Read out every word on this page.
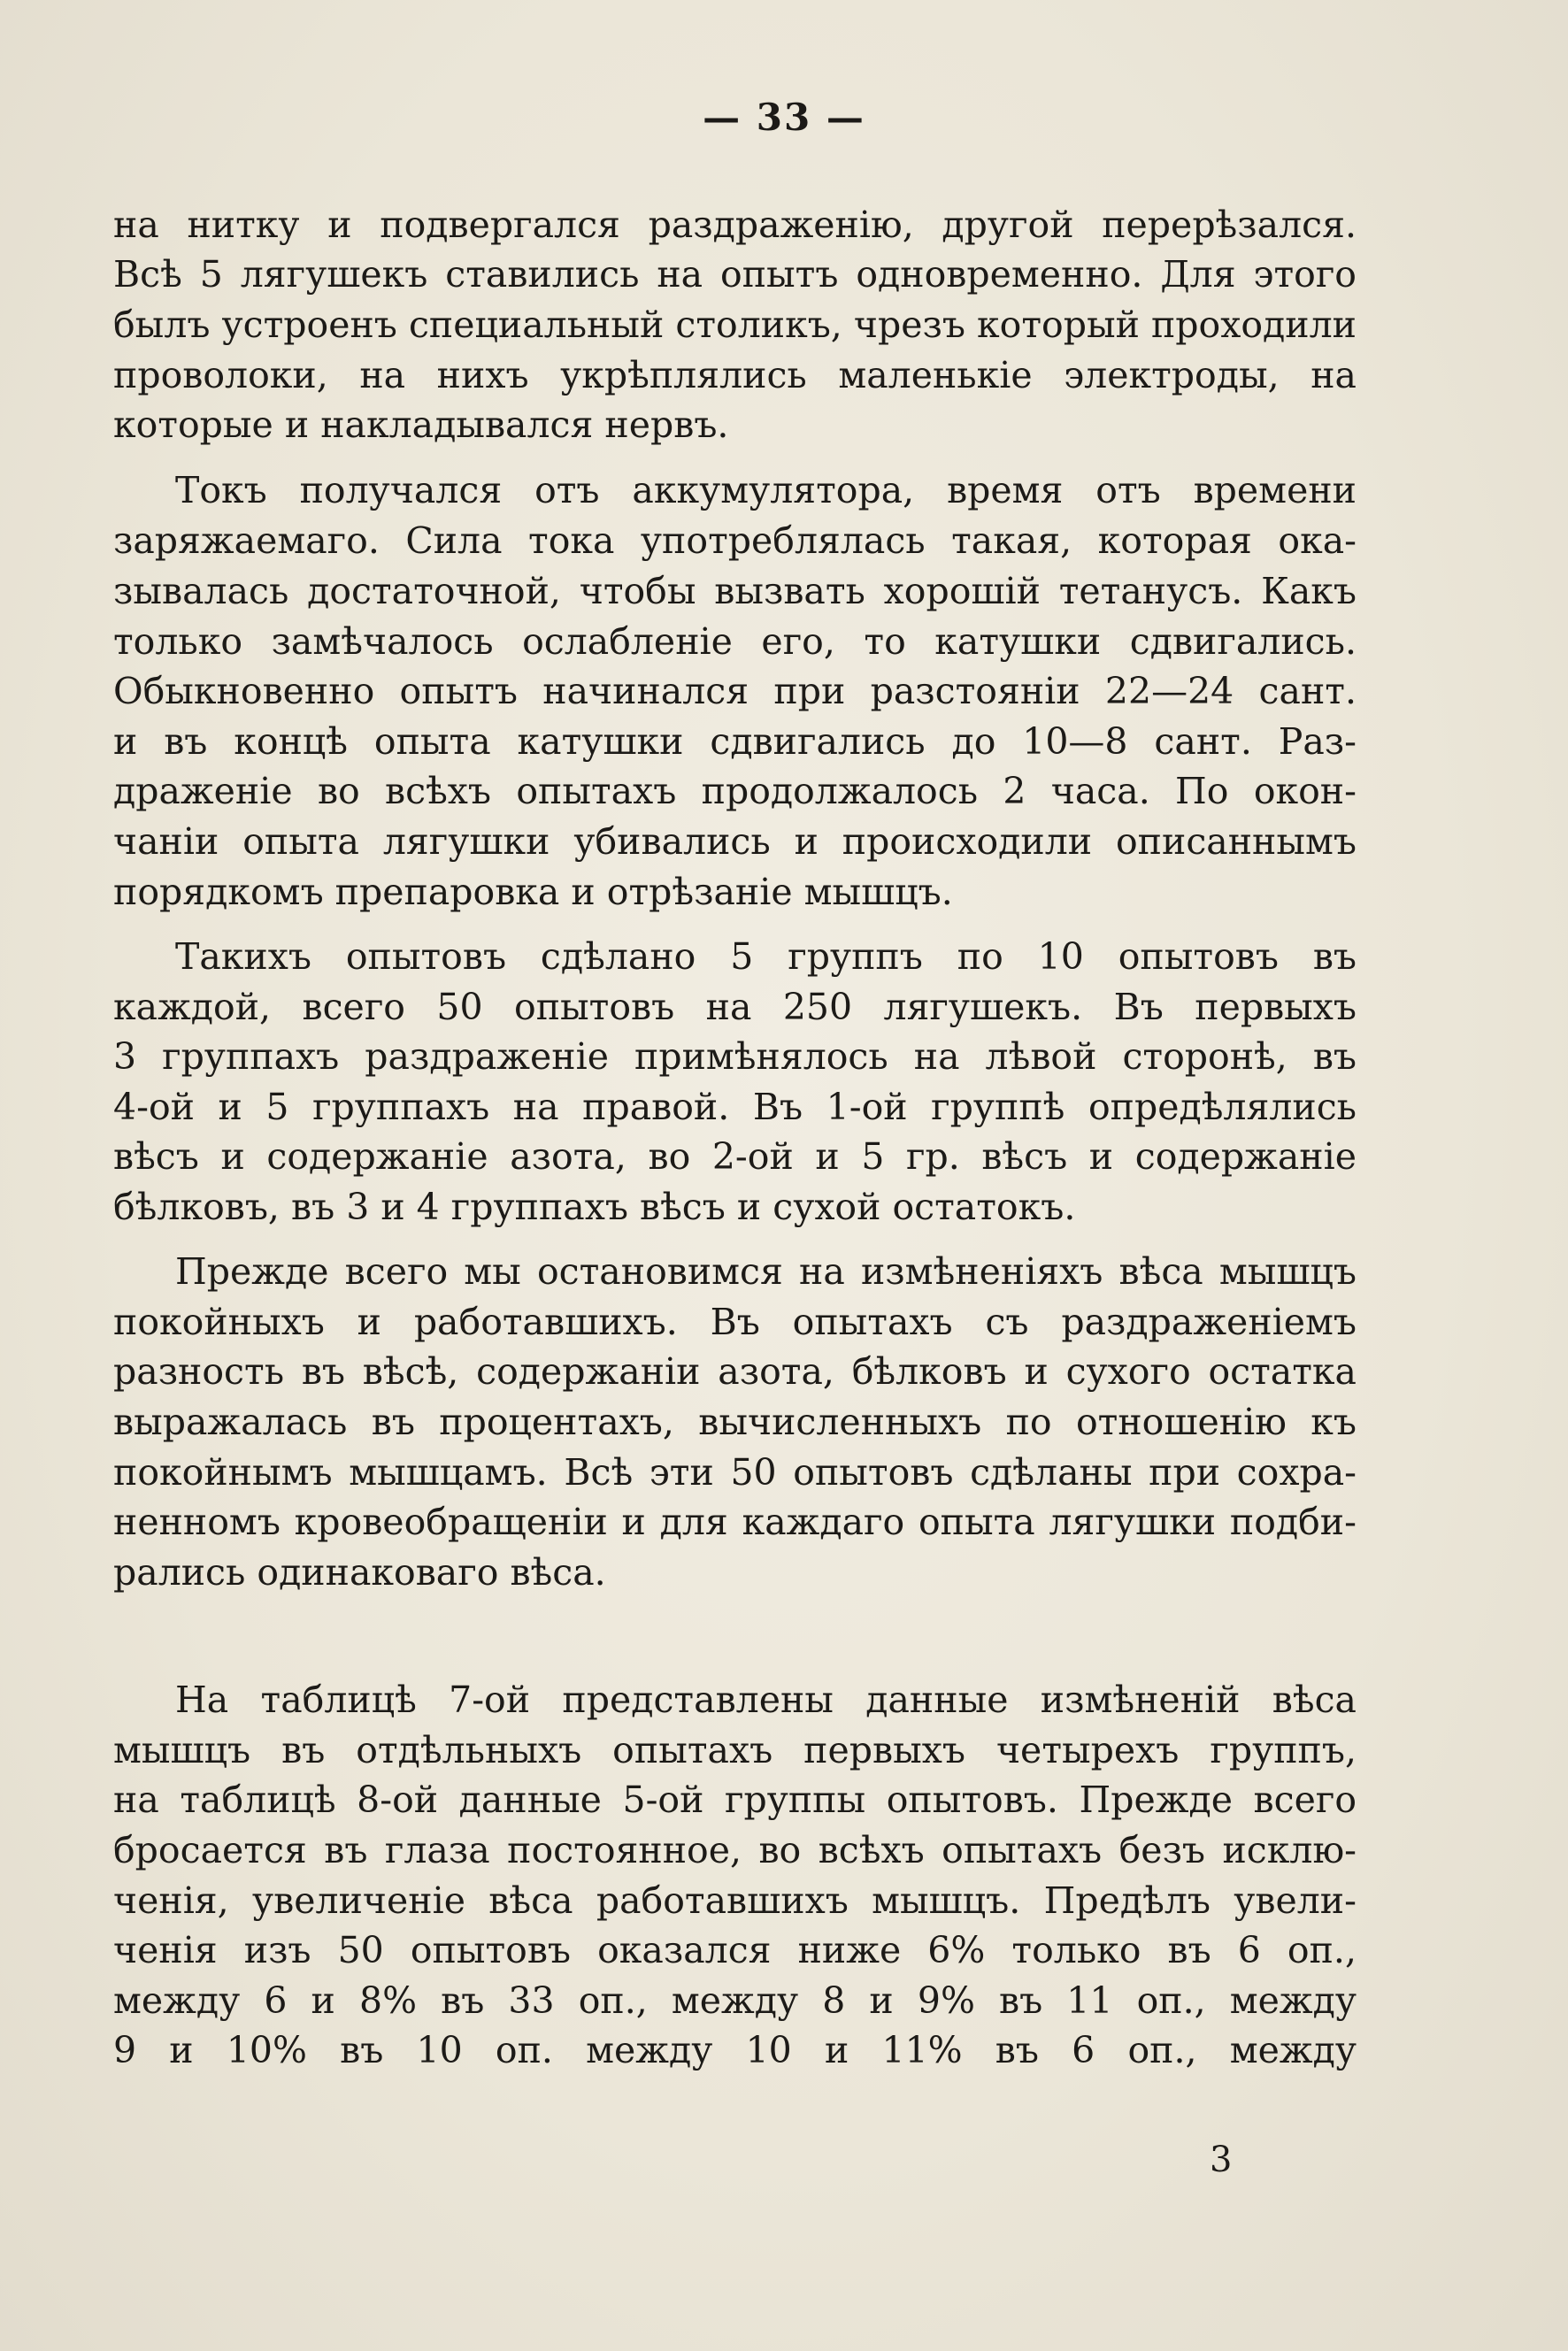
— 33 —
на нитку и подвергался раздраженію, другой перерѣзался.
Всѣ 5 лягушекъ ставились на опытъ одновременно. Для этого
былъ устроенъ специальный столикъ, чрезъ который проходили
проволоки, на нихъ укрѣплялись маленькіе электроды, на
которые и накладывался нервъ.
Токъ получался отъ аккумулятора, время отъ времени
заряжаемаго. Сила тока употреблялась такая, которая ока-
зывалась достаточной, чтобы вызвать хорошій тетанусъ. Какъ
только замѣчалось ослабленіе его, то катушки сдвигались.
Обыкновенно опытъ начинался при разстояніи 22—24 сант.
и въ концѣ опыта катушки сдвигались до 10—8 сант. Раз-
драженіе во всѣхъ опытахъ продолжалось 2 часа. По окон-
чаніи опыта лягушки убивались и происходили описаннымъ
порядкомъ препаровка и отрѣзаніе мышцъ.
Такихъ опытовъ сдѣлано 5 группъ по 10 опытовъ въ
каждой, всего 50 опытовъ на 250 лягушекъ. Въ первыхъ
3 группахъ раздраженіе примѣнялось на лѣвой сторонѣ, въ
4-ой и 5 группахъ на правой. Въ 1-ой группѣ опредѣлялись
вѣсъ и содержаніе азота, во 2-ой и 5 гр. вѣсъ и содержаніе
бѣлковъ, въ 3 и 4 группахъ вѣсъ и сухой остатокъ.
Прежде всего мы остановимся на измѣненіяхъ вѣса мышцъ
покойныхъ и работавшихъ. Въ опытахъ съ раздраженіемъ
разность въ вѣсѣ, содержаніи азота, бѣлковъ и сухого остатка
выражалась въ процентахъ, вычисленныхъ по отношенію къ
покойнымъ мышцамъ. Всѣ эти 50 опытовъ сдѣланы при сохра-
ненномъ кровеобращеніи и для каждаго опыта лягушки подби-
рались одинаковаго вѣса.
На таблицѣ 7-ой представлены данные измѣненій вѣса
мышцъ въ отдѣльныхъ опытахъ первыхъ четырехъ группъ,
на таблицѣ 8-ой данные 5-ой группы опытовъ. Прежде всего
бросается въ глаза постоянное, во всѣхъ опытахъ безъ исклю-
ченія, увеличеніе вѣса работавшихъ мышцъ. Предѣлъ увели-
ченія изъ 50 опытовъ оказался ниже 6% только въ 6 оп.,
между 6 и 8% въ 33 оп., между 8 и 9% въ 11 оп., между
9 и 10% въ 10 оп. между 10 и 11% въ 6 оп., между
3
